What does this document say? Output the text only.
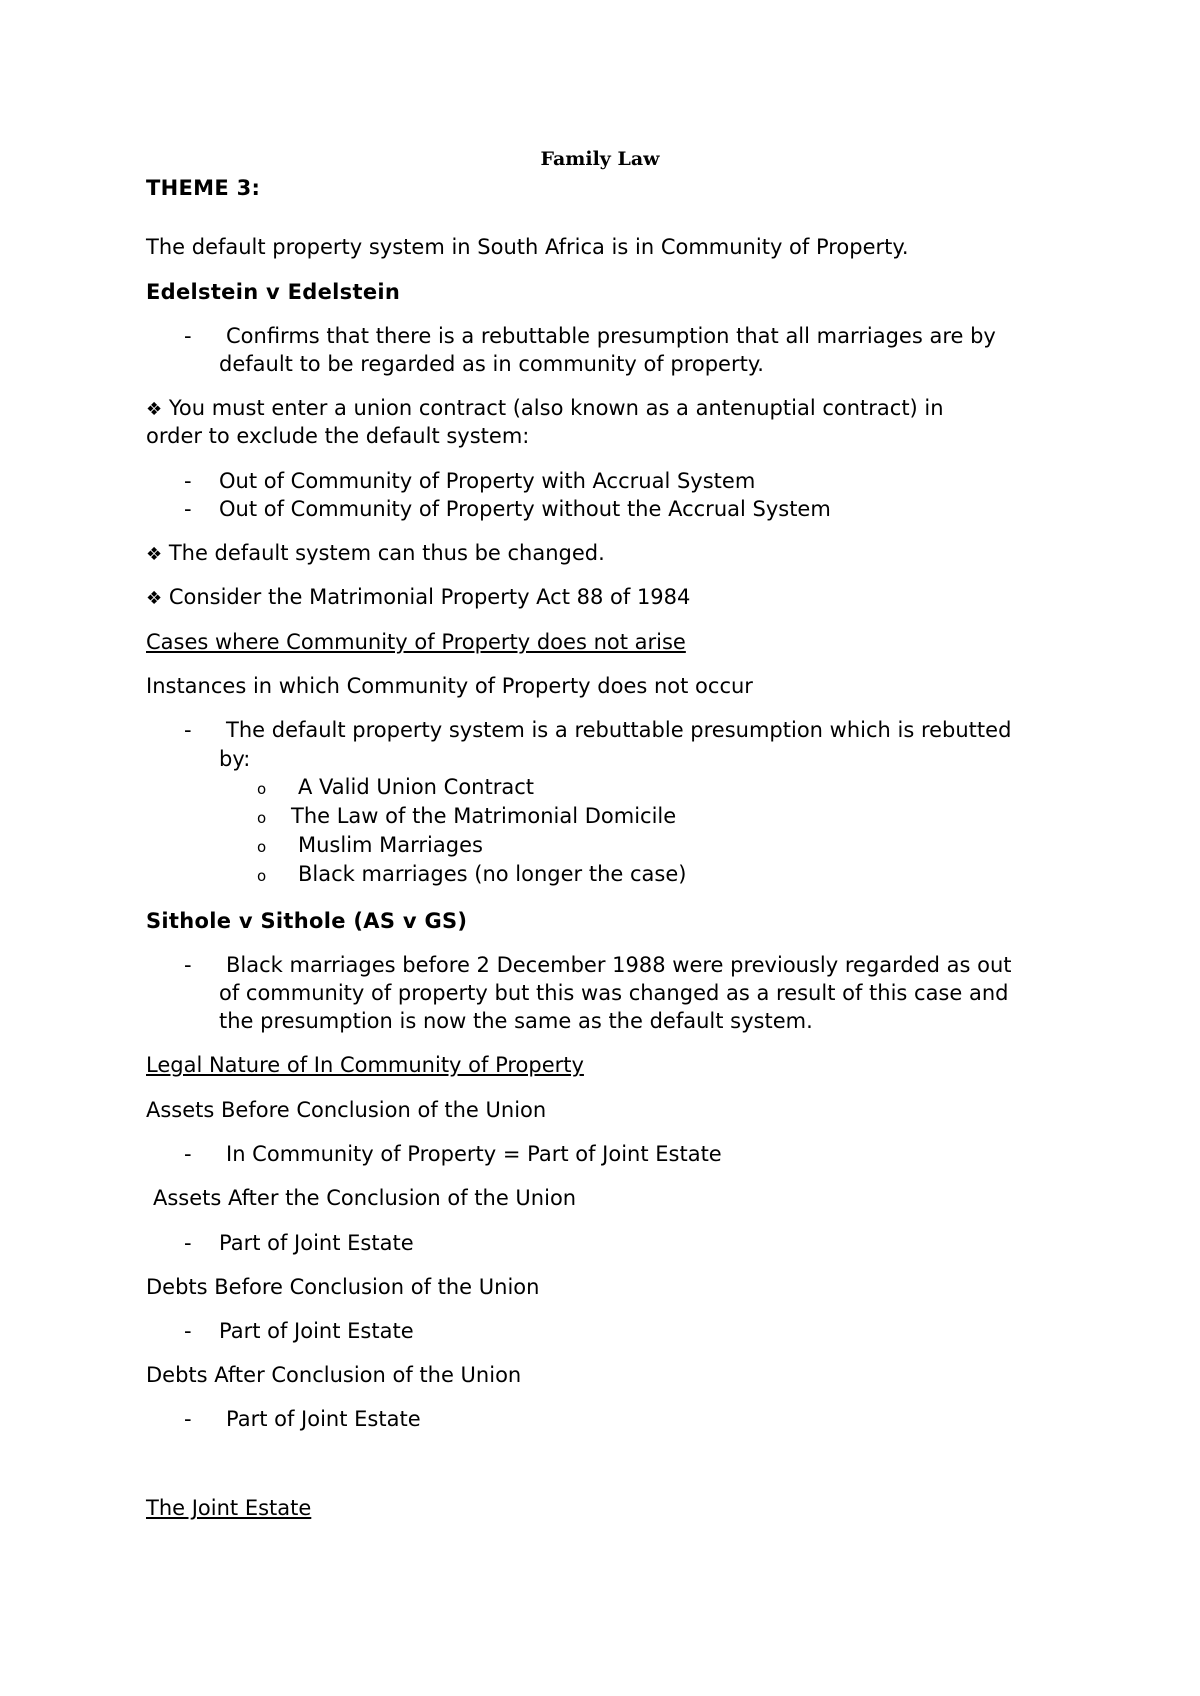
Family Law
THEME 3:
The default property system in South Africa is in Community of Property.
Edelstein v Edelstein
-	Confirms that there is a rebuttable presumption that all marriages are by
default to be regarded as in community of property.
❖ You must enter a union contract (also known as a antenuptial contract) in
order to exclude the default system:
-	Out of Community of Property with Accrual System
-	Out of Community of Property without the Accrual System
❖ The default system can thus be changed.
❖ Consider the Matrimonial Property Act 88 of 1984
Cases where Community of Property does not arise
Instances in which Community of Property does not occur
-	The default property system is a rebuttable presumption which is rebutted
by:
o A Valid Union Contract
o The Law of the Matrimonial Domicile
o Muslim Marriages
o Black marriages (no longer the case)
Sithole v Sithole (AS v GS)
-	Black marriages before 2 December 1988 were previously regarded as out
of community of property but this was changed as a result of this case and
the presumption is now the same as the default system.
Legal Nature of In Community of Property
Assets Before Conclusion of the Union
-	In Community of Property = Part of Joint Estate
Assets After the Conclusion of the Union
-	Part of Joint Estate
Debts Before Conclusion of the Union
-	Part of Joint Estate
Debts After Conclusion of the Union
-	Part of Joint Estate
The Joint Estate
